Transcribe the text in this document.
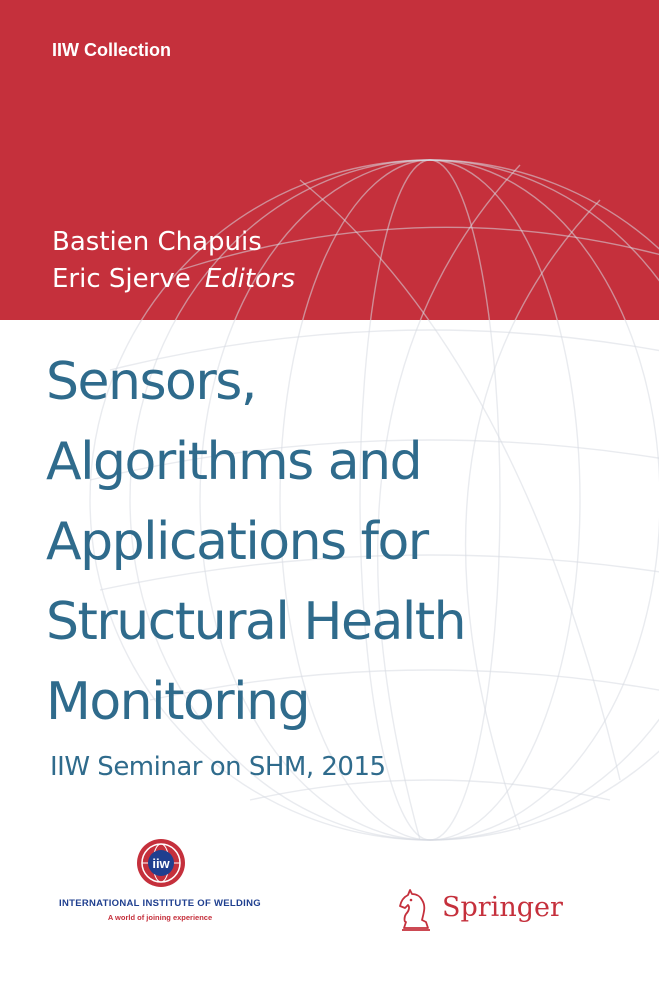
IIW Collection
Bastien Chapuis
Eric Sjerve Editors
Sensors,
Algorithms and
Applications for
Structural Health
Monitoring
IIW Seminar on SHM, 2015
iiw
INTERNATIONAL INSTITUTE OF WELDING
A world of joining experience	Springer
